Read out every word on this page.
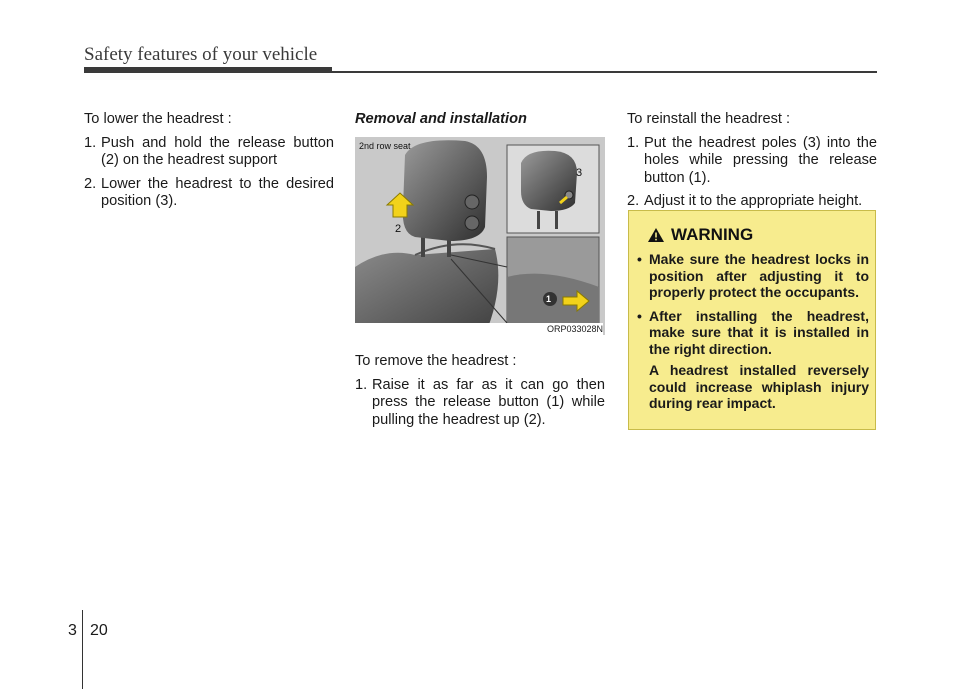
Safety features of your vehicle

To lower the headrest :

1. Push and hold the release button (2) on the headrest support
2. Lower the headrest to the desired position (3).

Removal and installation

2nd row seat
1
2
3
ORP033028N

To remove the headrest :

1. Raise it as far as it can go then press the release button (1) while pulling the headrest up (2).

To reinstall the headrest :

1. Put the headrest poles (3) into the holes while pressing the release button (1).
2. Adjust it to the appropriate height.
WARNING
• Make sure the headrest locks in position after adjusting it to properly protect the occupants.
• After installing the headrest, make sure that it is installed in the right direction.
A headrest installed reversely could increase whiplash injury during rear impact.
3 20
